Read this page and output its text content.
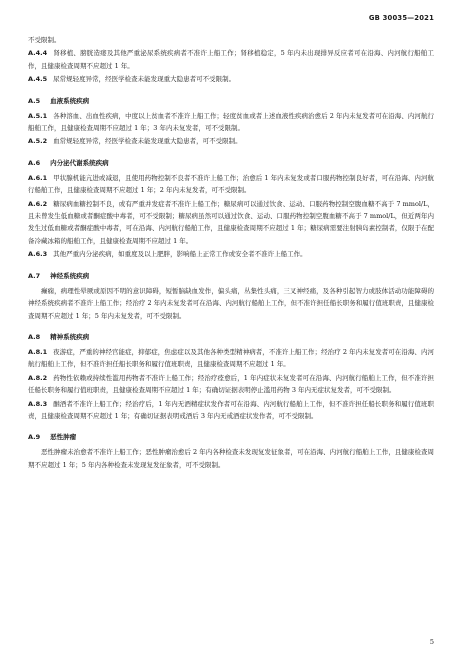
GB 30035—2021

不受限制。

A.4.4 肾移植、膀胱造瘘及其他严重泌尿系统疾病者不准许上船工作；肾移植稳定，5 年内未出现排异反应者可在沿海、内河航行船舶工作，且健康检查周期不应超过 1 年。

A.4.5 尿常规轻度异常，经医学检查未能发现重大隐患者可不受限制。

A.5 血液系统疾病

A.5.1 各种溶血、出血性疾病，中度以上贫血者不准许上船工作；轻度贫血或者上述血液性疾病治愈后 2 年内未复发者可在沿海、内河航行船舶工作，且健康检查周期不应超过 1 年；3 年内未复发者，可不受限制。

A.5.2 血常规轻度异常，经医学检查未能发现重大隐患者，可不受限制。

A.6 内分泌代谢系统疾病

A.6.1 甲状腺机能亢进或减退，且使用药物控制不良者不准许上船工作；治愈后 1 年内未复发或者口服药物控制良好者，可在沿海、内河航行船舶工作，且健康检查周期不应超过 1 年；2 年内未复发者，可不受限制。

A.6.2 糖尿病血糖控制不良，或有严重并发症者不准许上船工作；糖尿病可以通过饮食、运动、口服药物控制空腹血糖不高于 7 mmol/L，且未曾发生低血糖或者酮症酸中毒者，可不受限制；糖尿病虽然可以通过饮食、运动、口服药物控制空腹血糖不高于 7 mmol/L，但近两年内发生过低血糖或者酮症酸中毒者，可在沿海、内河航行船舶工作，且健康检查周期不应超过 1 年；糖尿病需要注射胰岛素控制者，仅限于在配备冷藏冰箱的船舶工作，且健康检查周期不应超过 1 年。

A.6.3 其他严重内分泌疾病，如重度及以上肥胖，影响船上正常工作或安全者不准许上船工作。

A.7 神经系统疾病

癫痫，病理性晕厥或原因不明的意识障碍，短暂脑缺血发作，偏头痛，丛集性头痛，三叉神经痛，及各种引起智力或肢体活动功能障碍的神经系统疾病者不准许上船工作；经治疗 2 年内未复发者可在沿海、内河航行船舶上工作，但不准许担任船长职务和履行值班职责，且健康检查周期不应超过 1 年；5 年内未复发者，可不受限制。

A.8 精神系统疾病

A.8.1 夜游症，严重的神经官能症，抑郁症，焦虑症以及其他各种类型精神病者，不准许上船工作；经治疗 2 年内未复发者可在沿海、内河航行船舶上工作，但不准许担任船长职务和履行值班职责，且健康检查周期不应超过 1 年。

A.8.2 药物性依赖或持续性滥用药物者不准许上船工作；经治疗痊愈后，1 年内症状未复发者可在沿海、内河航行船舶上工作，但不准许担任船长职务和履行值班职责，且健康检查周期不应超过 1 年；有确切证据表明停止滥用药物 3 年内无症状复发者，可不受限制。

A.8.3 酗酒者不准许上船工作；经治疗后，1 年内无酒精症状发作者可在沿海、内河航行船舶上工作，但不准许担任船长职务和履行值班职责，且健康检查周期不应超过 1 年；有确切证据表明戒酒后 3 年内无戒酒症状发作者，可不受限制。

A.9 恶性肿瘤

恶性肿瘤未治愈者不准许上船工作；恶性肿瘤治愈后 2 年内各种检查未发现复发征象者，可在沿海、内河航行船舶上工作，且健康检查周期不应超过 1 年；5 年内各种检查未发现复发征象者，可不受限制。

5
